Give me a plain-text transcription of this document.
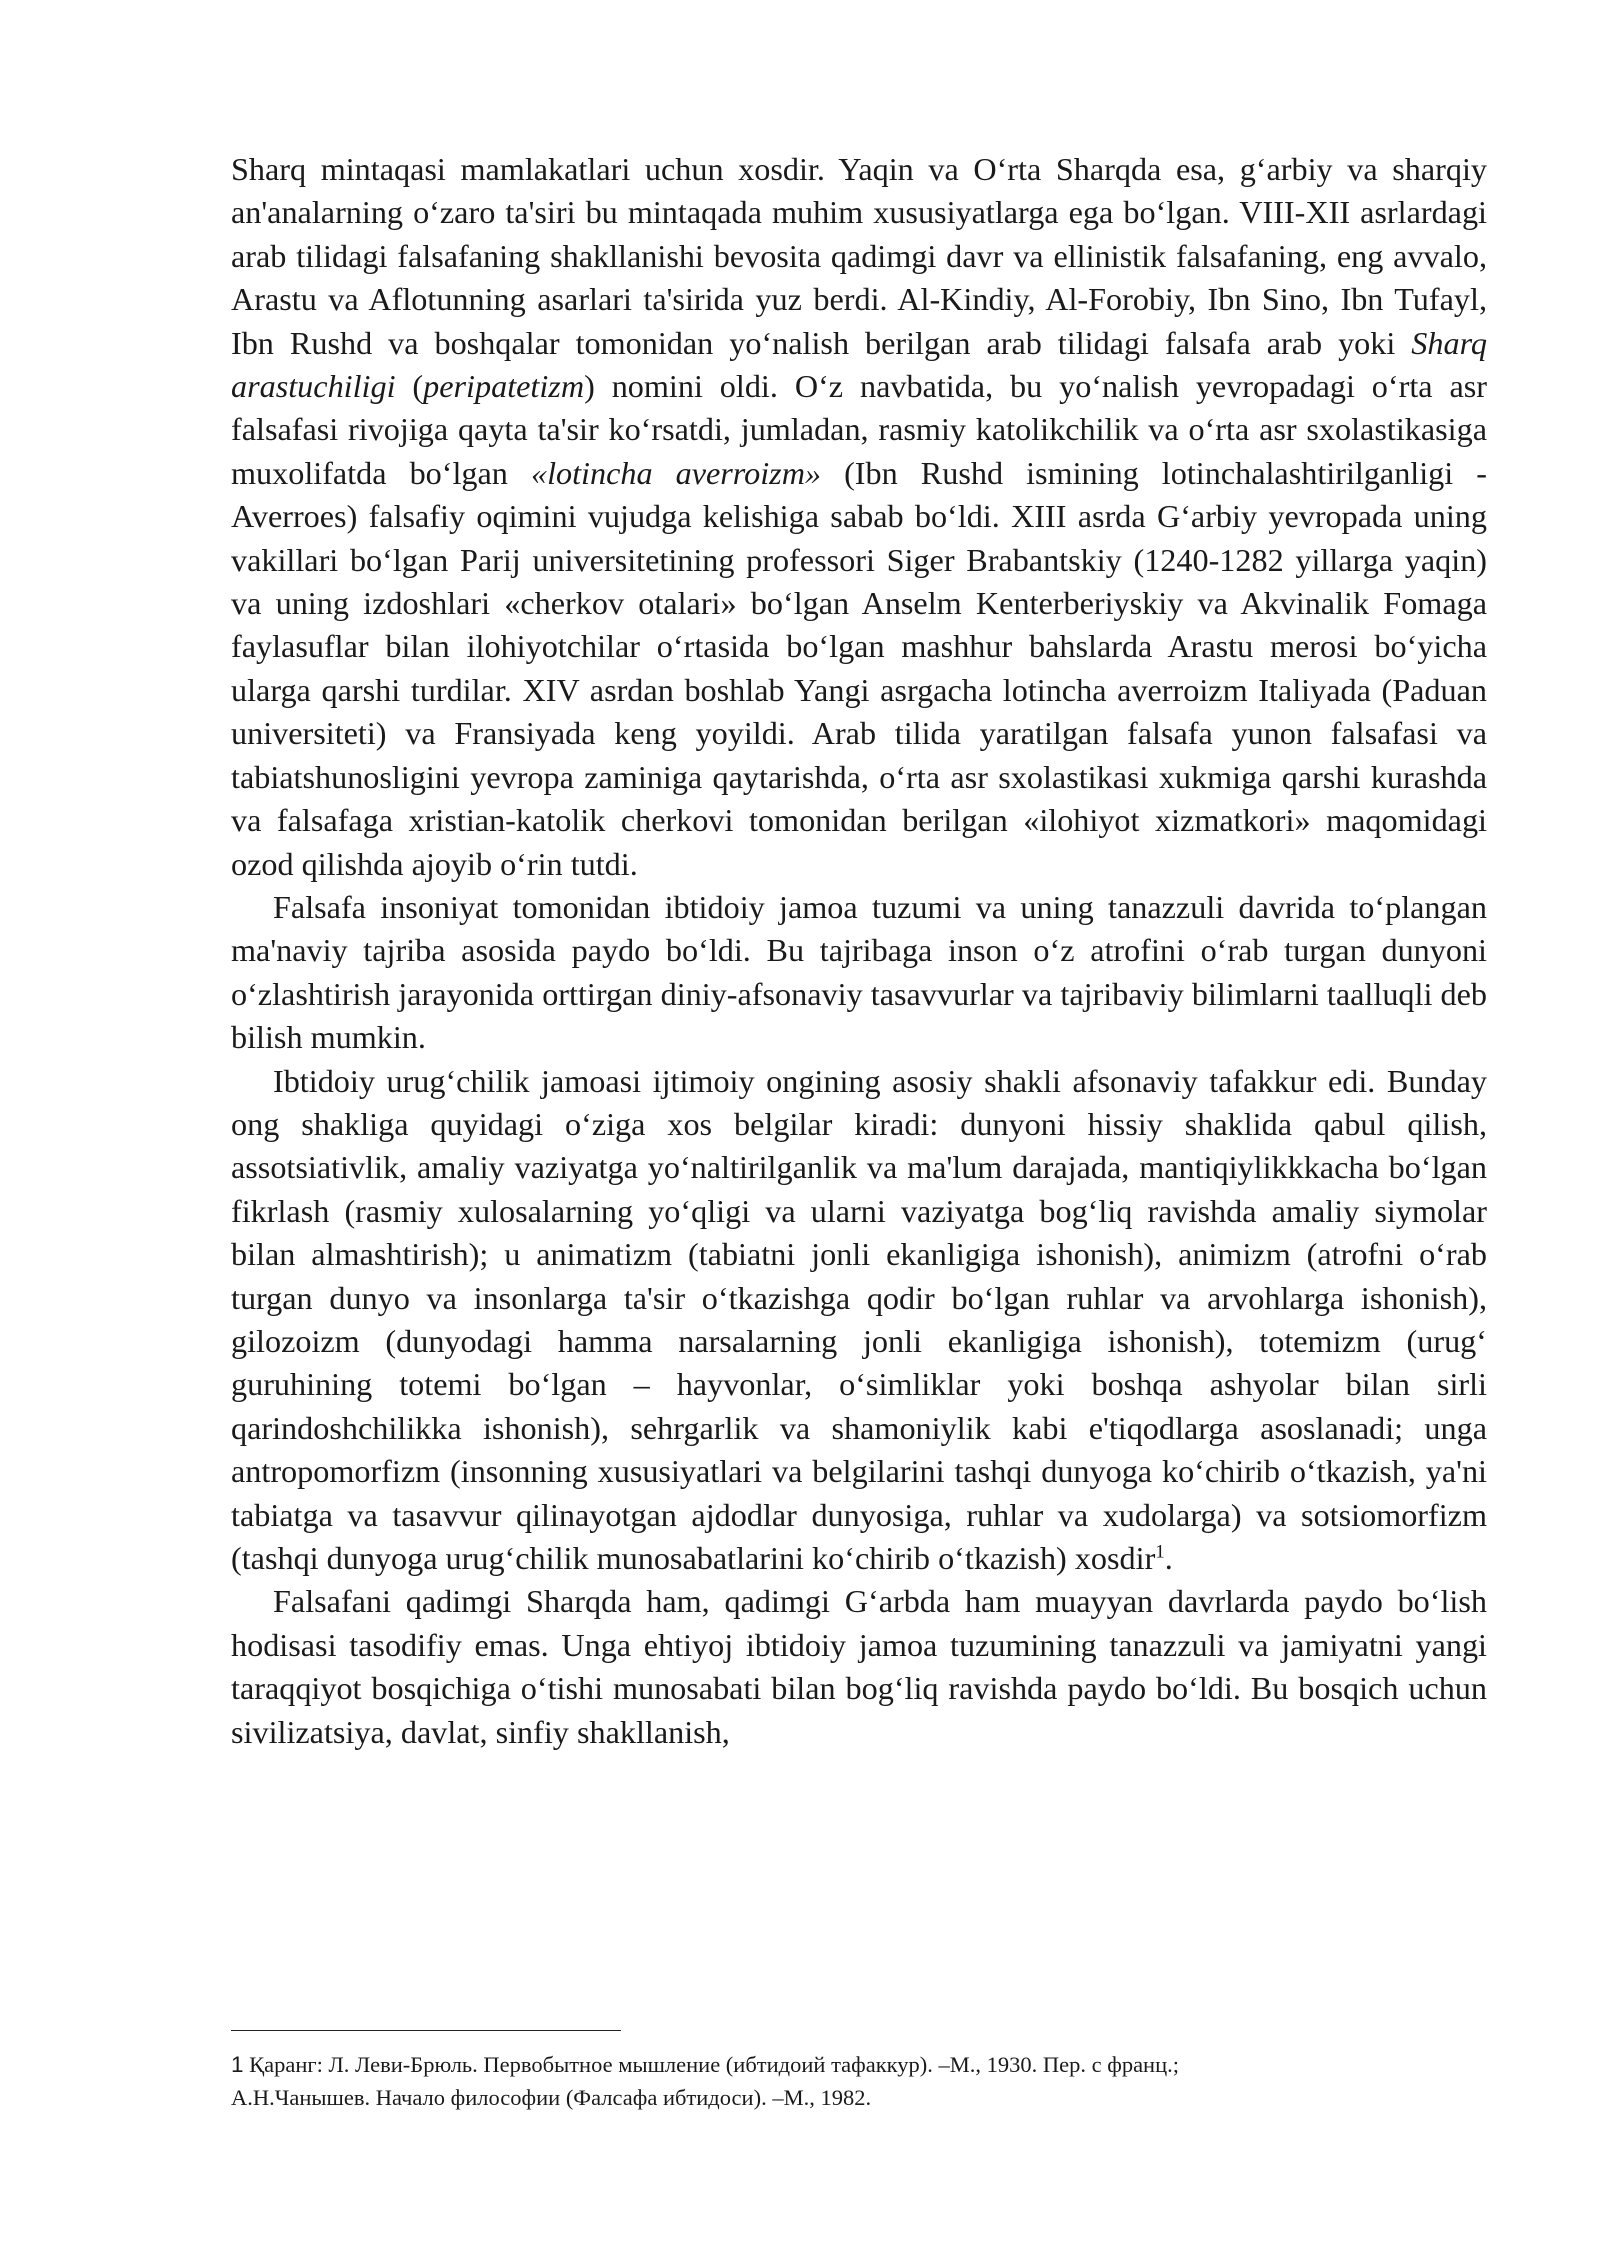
Sharq mintaqasi mamlakatlari uchun xosdir. Yaqin va O‘rta Sharqda esa, g‘arbiy va sharqiy an'analarning o‘zaro ta'siri bu mintaqada muhim xususiyatlarga ega bo‘lgan. VIII-XII asrlardagi arab tilidagi falsafaning shakllanishi bevosita qadimgi davr va ellinistik falsafaning, eng avvalo, Arastu va Aflotunning asarlari ta'sirida yuz berdi. Al-Kindiy, Al-Forobiy, Ibn Sino, Ibn Tufayl, Ibn Rushd va boshqalar tomonidan yo‘nalish berilgan arab tilidagi falsafa arab yoki Sharq arastuchiligi (peripatetizm) nomini oldi. O‘z navbatida, bu yo‘nalish yevropadagi o‘rta asr falsafasi rivojiga qayta ta'sir ko‘rsatdi, jumladan, rasmiy katolikchilik va o‘rta asr sxolastikasiga muxolifatda bo‘lgan «lotincha averroizm» (Ibn Rushd ismining lotinchalashtirilganligi - Averroes) falsafiy oqimini vujudga kelishiga sabab bo‘ldi. XIII asrda G‘arbiy yevropada uning vakillari bo‘lgan Parij universitetining professori Siger Brabantskiy (1240-1282 yillarga yaqin) va uning izdoshlari «cherkov otalari» bo‘lgan Anselm Kenterberiyskiy va Akvinalik Fomaga faylasuflar bilan ilohiyotchilar o‘rtasida bo‘lgan mashhur bahslarda Arastu merosi bo‘yicha ularga qarshi turdilar. XIV asrdan boshlab Yangi asrgacha lotincha averroizm Italiyada (Paduan universiteti) va Fransiyada keng yoyildi. Arab tilida yaratilgan falsafa yunon falsafasi va tabiatshunosligini yevropa zaminiga qaytarishda, o‘rta asr sxolastikasi xukmiga qarshi kurashda va falsafaga xristian-katolik cherkovi tomonidan berilgan «ilohiyot xizmatkori» maqomidagi ozod qilishda ajoyib o‘rin tutdi.

Falsafa insoniyat tomonidan ibtidoiy jamoa tuzumi va uning tanazzuli davrida to‘plangan ma'naviy tajriba asosida paydo bo‘ldi. Bu tajribaga inson o‘z atrofini o‘rab turgan dunyoni o‘zlashtirish jarayonida orttirgan diniy-afsonaviy tasavvurlar va tajribaviy bilimlarni taalluqli deb bilish mumkin.

Ibtidoiy urug‘chilik jamoasi ijtimoiy ongining asosiy shakli afsonaviy tafakkur edi. Bunday ong shakliga quyidagi o‘ziga xos belgilar kiradi: dunyoni hissiy shaklida qabul qilish, assotsiativlik, amaliy vaziyatga yo‘naltirilganlik va ma'lum darajada, mantiqiylikkkacha bo‘lgan fikrlash (rasmiy xulosalarning yo‘qligi va ularni vaziyatga bog‘liq ravishda amaliy siymolar bilan almashtirish); u animatizm (tabiatni jonli ekanligiga ishonish), animizm (atrofni o‘rab turgan dunyo va insonlarga ta'sir o‘tkazishga qodir bo‘lgan ruhlar va arvohlarga ishonish), gilozoizm (dunyodagi hamma narsalarning jonli ekanligiga ishonish), totemizm (urug‘ guruhining totemi bo‘lgan – hayvonlar, o‘simliklar yoki boshqa ashyolar bilan sirli qarindoshchilikka ishonish), sehrgarlik va shamoniylik kabi e'tiqodlarga asoslanadi; unga antropomorfizm (insonning xususiyatlari va belgilarini tashqi dunyoga ko‘chirib o‘tkazish, ya'ni tabiatga va tasavvur qilinayotgan ajdodlar dunyosiga, ruhlar va xudolarga) va sotsiomorfizm (tashqi dunyoga urug‘chilik munosabatlarini ko‘chirib o‘tkazish) xosdir$^1$.

Falsafani qadimgi Sharqda ham, qadimgi G‘arbda ham muayyan davrlarda paydo bo‘lish hodisasi tasodifiy emas. Unga ehtiyoj ibtidoiy jamoa tuzumining tanazzuli va jamiyatni yangi taraqqiyot bosqichiga o‘tishi munosabati bilan bog‘liq ravishda paydo bo‘ldi. Bu bosqich uchun sivilizatsiya, davlat, sinfiy shakllanish,

1 Қаранг: Л. Леви-Брюль. Первобытное мышление (ибтидоий тафаккур). –М., 1930. Пер. с франц.;
А.Н.Чанышев. Начало философии (Фалсафа ибтидоси). –М., 1982.
